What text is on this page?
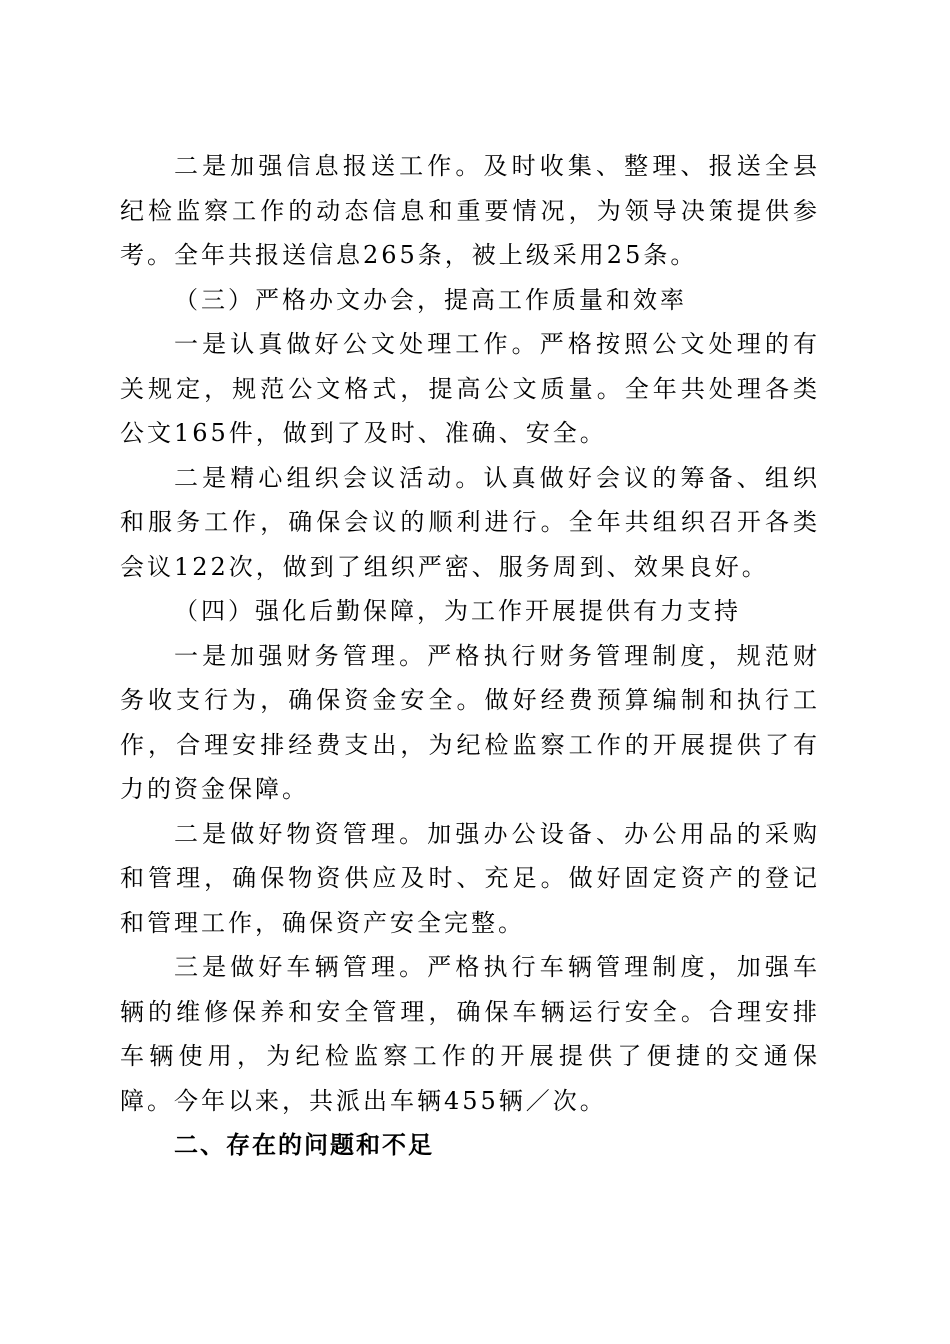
二是加强信息报送工作。及时收集、整理、报送全县纪检监察工作的动态信息和重要情况，为领导决策提供参考。全年共报送信息265条，被上级采用25条。

（三）严格办文办会，提高工作质量和效率

一是认真做好公文处理工作。严格按照公文处理的有关规定，规范公文格式，提高公文质量。全年共处理各类公文165件，做到了及时、准确、安全。

二是精心组织会议活动。认真做好会议的筹备、组织和服务工作，确保会议的顺利进行。全年共组织召开各类会议122次，做到了组织严密、服务周到、效果良好。

（四）强化后勤保障，为工作开展提供有力支持

一是加强财务管理。严格执行财务管理制度，规范财务收支行为，确保资金安全。做好经费预算编制和执行工作，合理安排经费支出，为纪检监察工作的开展提供了有力的资金保障。

二是做好物资管理。加强办公设备、办公用品的采购和管理，确保物资供应及时、充足。做好固定资产的登记和管理工作，确保资产安全完整。

三是做好车辆管理。严格执行车辆管理制度，加强车辆的维修保养和安全管理，确保车辆运行安全。合理安排车辆使用，为纪检监察工作的开展提供了便捷的交通保障。今年以来，共派出车辆455辆／次。

二、存在的问题和不足
